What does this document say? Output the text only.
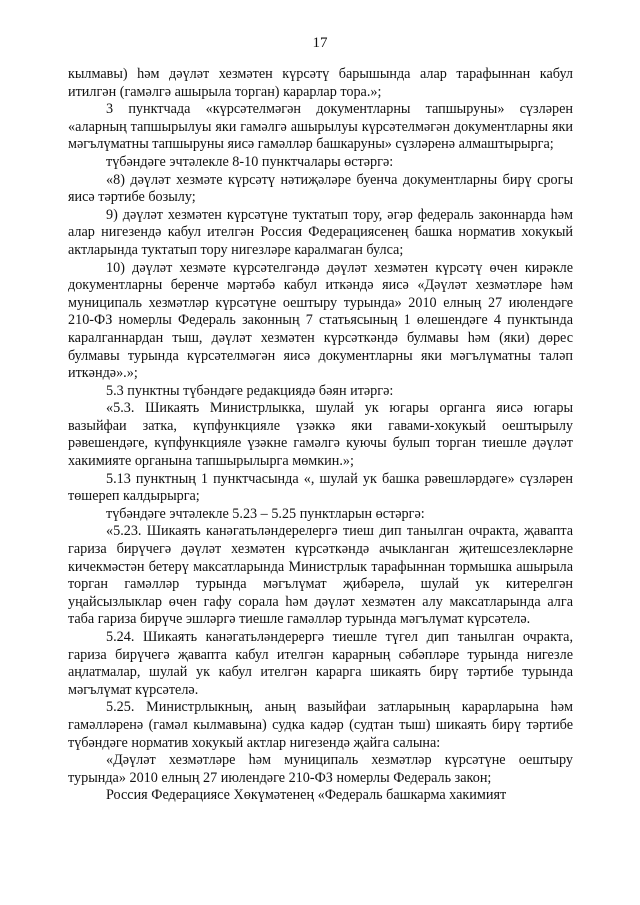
17

кылмавы) һәм дәүләт хезмәтен күрсәтү барышында алар тарафыннан кабул итилгән (гамәлгә ашырыла торган) карарлар тора.»;

3 пунктчада «күрсәтелмәгән документларны тапшыруны» сүзләрен «аларның тапшырылуы яки гамәлгә ашырылуы күрсәтелмәгән документларны яки мәгълүматны тапшыруны яисә гамәлләр башкаруны» сүзләренә алмаштырырга;

түбәндәге эчтәлекле 8-10 пунктчалары өстәргә:

«8) дәүләт хезмәте күрсәтү нәтиҗәләре буенча документларны бирү срогы яисә тәртибе бозылу;

9) дәүләт хезмәтен күрсәтүне туктатып тору, әгәр федераль законнарда һәм алар нигезендә кабул ителгән Россия Федерациясенең башка норматив хокукый актларында туктатып тору нигезләре каралмаган булса;

10) дәүләт хезмәте күрсәтелгәндә дәүләт хезмәтен күрсәтү өчен кирәкле документларны беренче мәртәбә кабул иткәндә яисә «Дәүләт хезмәтләре һәм муниципаль хезмәтләр күрсәтүне оештыру турында» 2010 елның 27 июлендәге 210-ФЗ номерлы Федераль законның 7 статьясының 1 өлешендәге 4 пунктында каралганнардан тыш, дәүләт хезмәтен күрсәткәндә булмавы һәм (яки) дөрес булмавы турында күрсәтелмәгән яисә документларны яки мәгълүматны таләп иткәндә».»;

5.3 пунктны түбәндәге редакциядә бәян итәргә:

«5.3. Шикаять Министрлыкка, шулай ук югары органга яисә югары вазыйфаи затка, күпфункцияле үзәккә яки гавами-хокукый оештырылу рәвешендәге, күпфункцияле үзәкне гамәлгә куючы булып торган тиешле дәүләт хакимияте органына тапшырылырга мөмкин.»;

5.13 пунктның 1 пунктчасында «, шулай ук башка рәвешләрдәге» сүзләрен төшереп калдырырга;

түбәндәге эчтәлекле 5.23 – 5.25 пунктларын өстәргә:

«5.23. Шикаять канәгатьләндерелергә тиеш дип танылган очракта, җавапта гариза бирүчегә дәүләт хезмәтен күрсәткәндә ачыкланган җитешсезлекләрне кичекмәстән бетерү максатларында Министрлык тарафыннан тормышка ашырыла торган гамәлләр турында мәгълүмат җибәрелә, шулай ук китерелгән уңайсызлыклар өчен гафу сорала һәм дәүләт хезмәтен алу максатларында алга таба гариза бирүче эшләргә тиешле гамәлләр турында мәгълүмат күрсәтелә.

5.24. Шикаять канәгатьләндерергә тиешле түгел дип танылган очракта, гариза бирүчегә җавапта кабул ителгән карарның сәбәпләре турында нигезле аңлатмалар, шулай ук кабул ителгән карарга шикаять бирү тәртибе турында мәгълүмат күрсәтелә.

5.25. Министрлыкның, аның вазыйфаи затларының карарларына һәм гамәлләренә (гамәл кылмавына) судка кадәр (судтан тыш) шикаять бирү тәртибе түбәндәге норматив хокукый актлар нигезендә җайга салына:

«Дәүләт хезмәтләре һәм муниципаль хезмәтләр күрсәтүне оештыру турында» 2010 елның 27 июлендәге 210-ФЗ номерлы Федераль закон;

Россия Федерациясе Хөкүмәтенең «Федераль башкарма хакимият
